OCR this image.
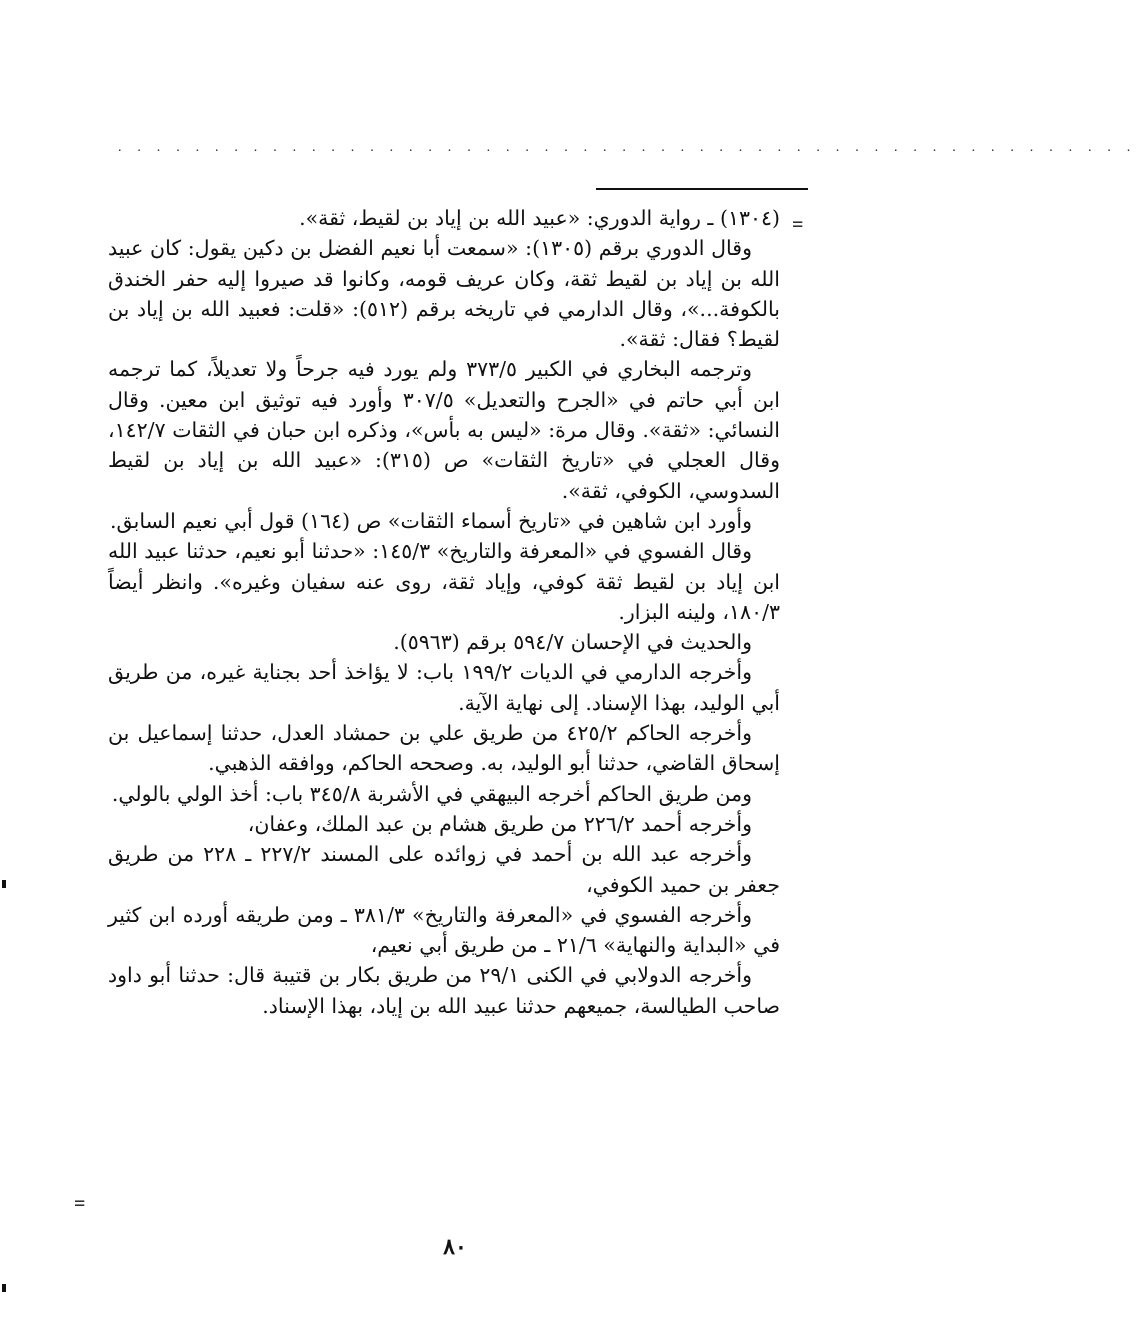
. . . . . . . . . . . . . . . . . . . . . . . . . . . . . . . . . . . . . . . . . . . . . . . . . . . . .
=
=

(١٣٠٤) ـ رواية الدوري: «عبيد الله بن إياد بن لقيط، ثقة».

وقال الدوري برقم (١٣٠٥): «سمعت أبا نعيم الفضل بن دكين يقول: كان عبيد الله بن إياد بن لقيط ثقة، وكان عريف قومه، وكانوا قد صيروا إليه حفر الخندق بالكوفة...»، وقال الدارمي في تاريخه برقم (٥١٢): «قلت: فعبيد الله بن إياد بن لقيط؟ فقال: ثقة».

وترجمه البخاري في الكبير ٣٧٣/٥ ولم يورد فيه جرحاً ولا تعديلاً، كما ترجمه ابن أبي حاتم في «الجرح والتعديل» ٣٠٧/٥ وأورد فيه توثيق ابن معين. وقال النسائي: «ثقة». وقال مرة: «ليس به بأس»، وذكره ابن حبان في الثقات ١٤٢/٧، وقال العجلي في «تاريخ الثقات» ص (٣١٥): «عبيد الله بن إياد بن لقيط السدوسي، الكوفي، ثقة».

وأورد ابن شاهين في «تاريخ أسماء الثقات» ص (١٦٤) قول أبي نعيم السابق.

وقال الفسوي في «المعرفة والتاريخ» ١٤٥/٣: «حدثنا أبو نعيم، حدثنا عبيد الله ابن إياد بن لقيط ثقة كوفي، وإياد ثقة، روى عنه سفيان وغيره». وانظر أيضاً ١٨٠/٣، ولينه البزار.

والحديث في الإحسان ٥٩٤/٧ برقم (٥٩٦٣).

وأخرجه الدارمي في الديات ١٩٩/٢ باب: لا يؤاخذ أحد بجناية غيره، من طريق أبي الوليد، بهذا الإسناد. إلى نهاية الآية.

وأخرجه الحاكم ٤٢٥/٢ من طريق علي بن حمشاد العدل، حدثنا إسماعيل بن إسحاق القاضي، حدثنا أبو الوليد، به. وصححه الحاكم، ووافقه الذهبي.

ومن طريق الحاكم أخرجه البيهقي في الأشربة ٣٤٥/٨ باب: أخذ الولي بالولي.

وأخرجه أحمد ٢٢٦/٢ من طريق هشام بن عبد الملك، وعفان،

وأخرجه عبد الله بن أحمد في زوائده على المسند ٢٢٧/٢ ـ ٢٢٨ من طريق جعفر بن حميد الكوفي،

وأخرجه الفسوي في «المعرفة والتاريخ» ٣٨١/٣ ـ ومن طريقه أورده ابن كثير في «البداية والنهاية» ٢١/٦ ـ من طريق أبي نعيم،

وأخرجه الدولابي في الكنى ٢٩/١ من طريق بكار بن قتيبة قال: حدثنا أبو داود صاحب الطيالسة، جميعهم حدثنا عبيد الله بن إياد، بهذا الإسناد.

٨٠
